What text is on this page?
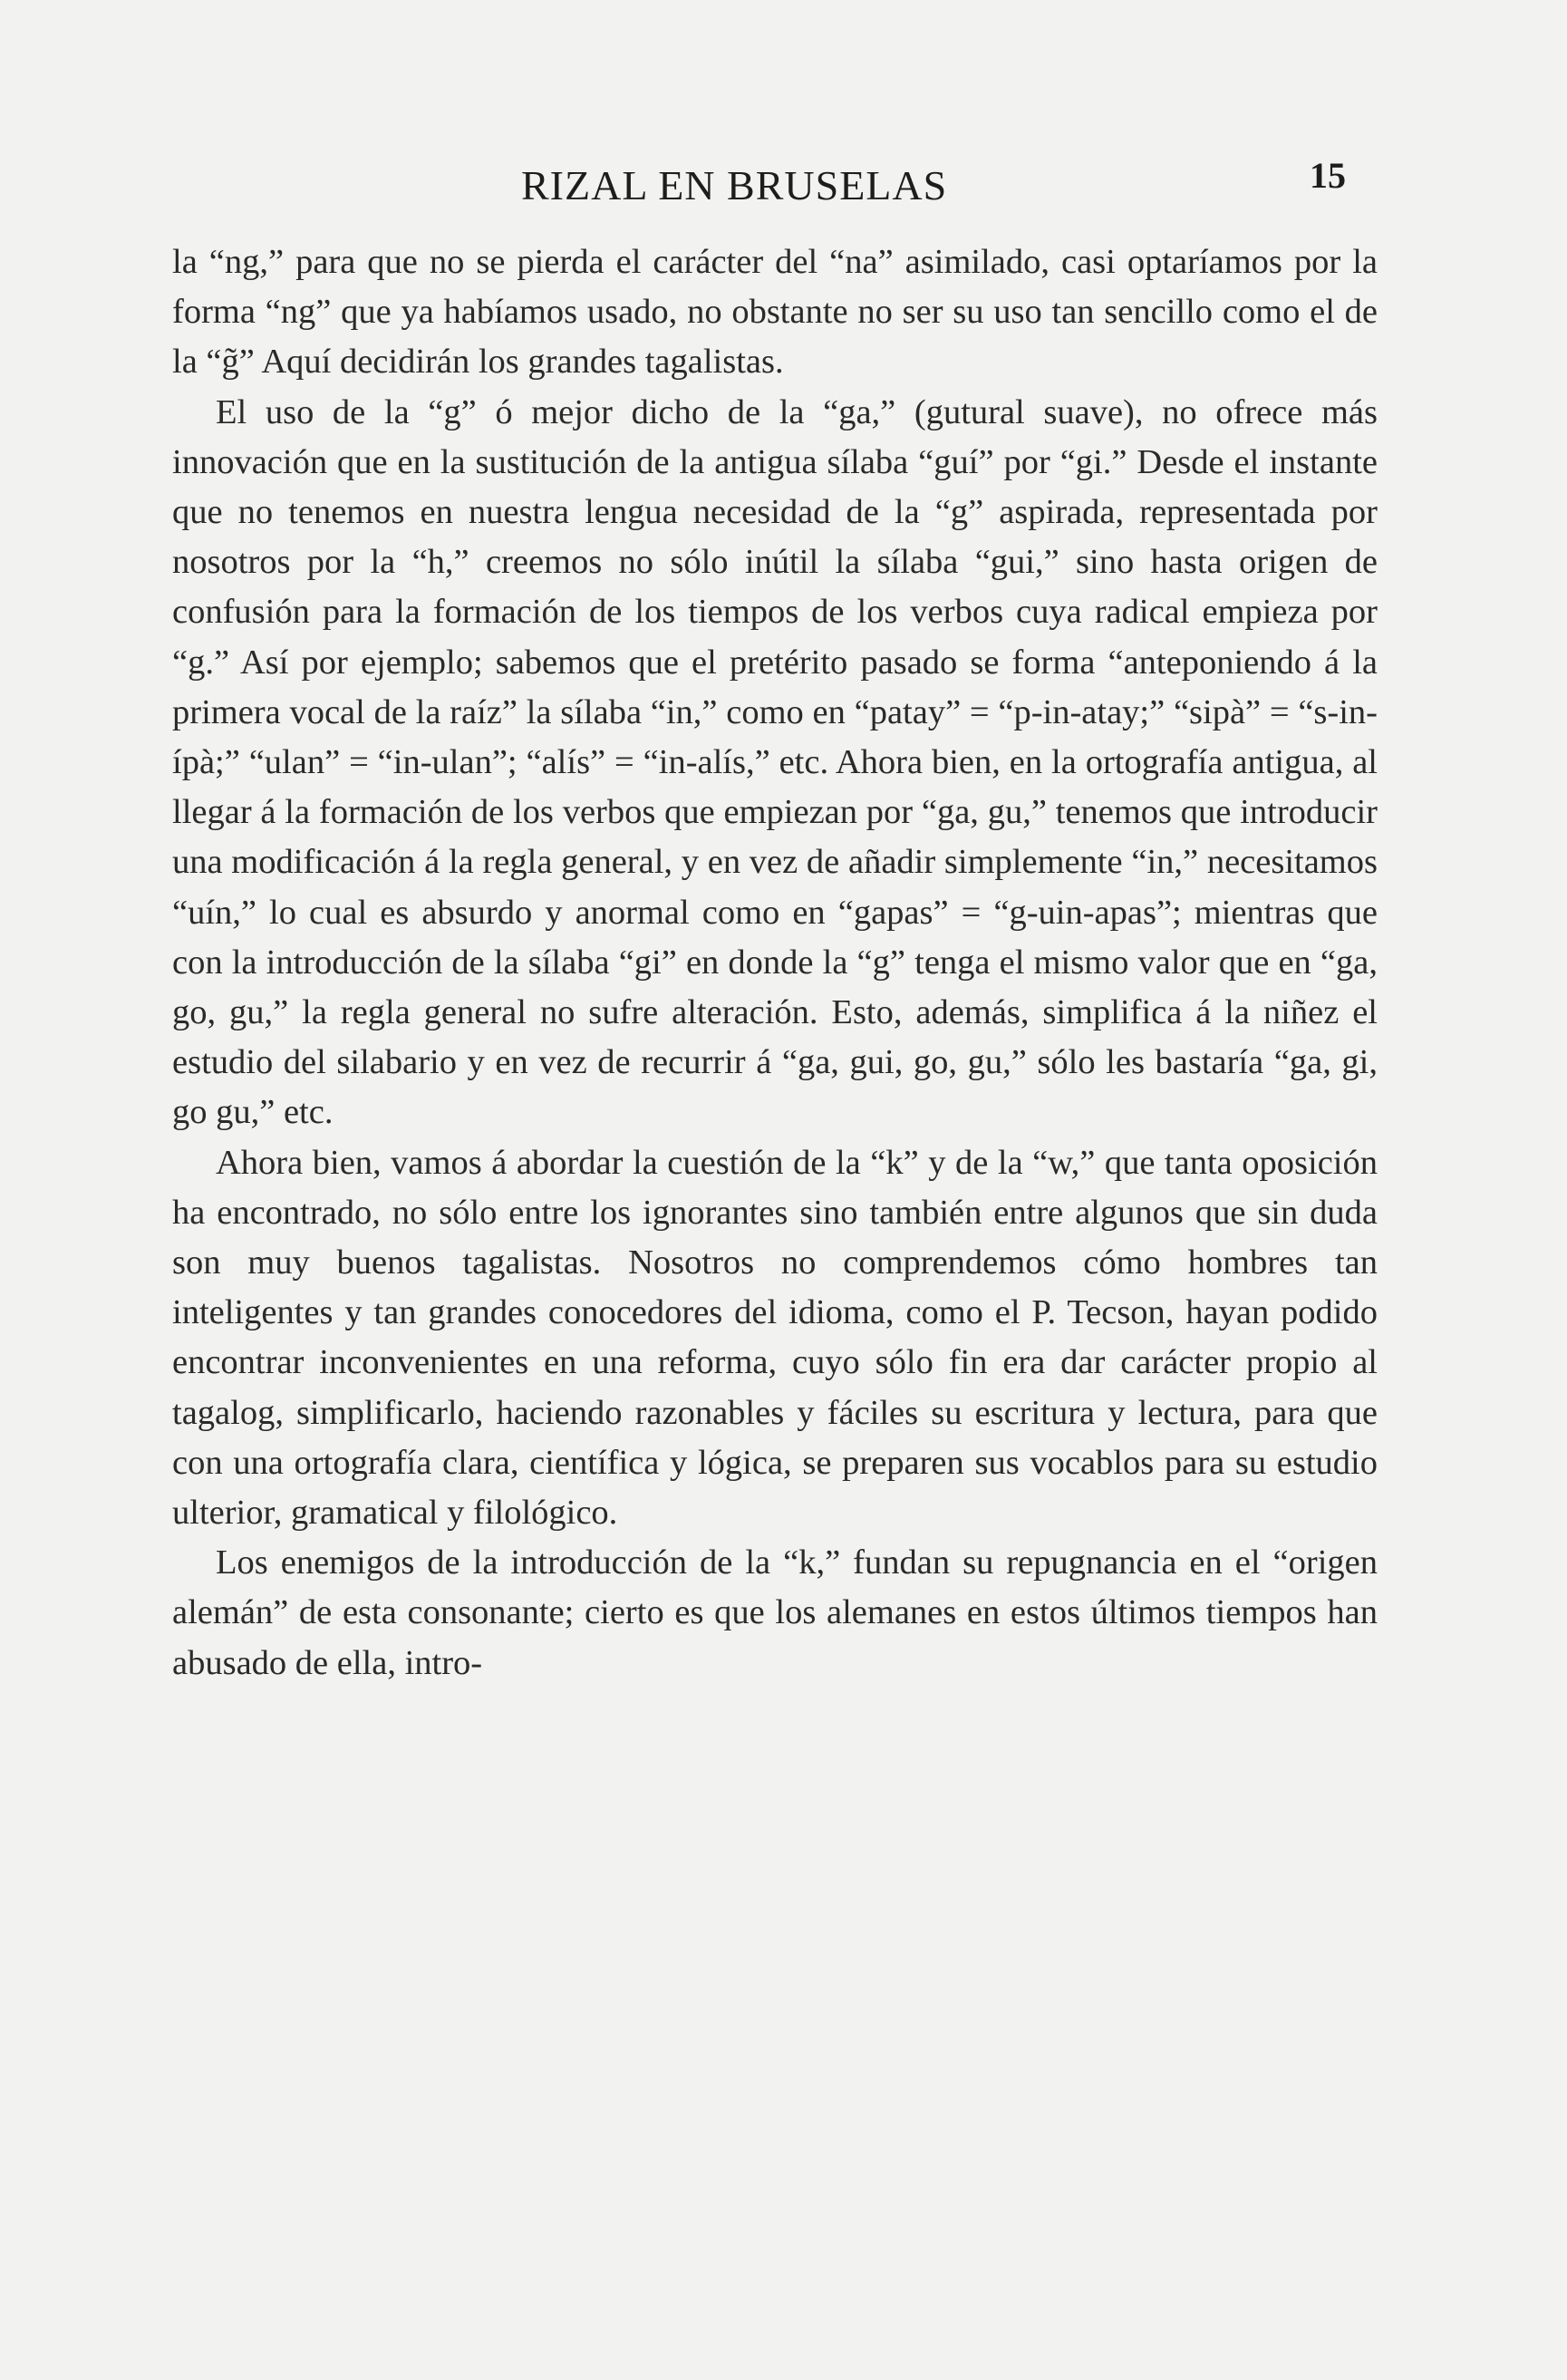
RIZAL EN BRUSELAS	15

la “ng,” para que no se pierda el carácter del “na” asimilado, casi optaríamos por la forma “ng” que ya habíamos usado, no obstante no ser su uso tan sencillo como el de la “g̃” Aquí decidirán los grandes tagalistas.

El uso de la “g” ó mejor dicho de la “ga,” (gutural suave), no ofrece más innovación que en la sustitución de la antigua sílaba “guí” por “gi.” Desde el instante que no tenemos en nuestra lengua necesidad de la “g” aspirada, representada por nosotros por la “h,” creemos no sólo inútil la sílaba “gui,” sino hasta origen de confusión para la formación de los tiempos de los verbos cuya radical empieza por “g.” Así por ejemplo; sabemos que el pretérito pasado se forma “anteponiendo á la primera vocal de la raíz” la sílaba “in,” como en “patay” = “p-in-atay;” “sipà” = “s-in-ípà;” “ulan” = “in-ulan”; “alís” = “in-alís,” etc. Ahora bien, en la ortografía antigua, al llegar á la formación de los verbos que empiezan por “ga, gu,” tenemos que introducir una modificación á la regla general, y en vez de añadir simplemente “in,” necesitamos “uín,” lo cual es absurdo y anormal como en “gapas” = “g-uin-apas”; mientras que con la introducción de la sílaba “gi” en donde la “g” tenga el mismo valor que en “ga, go, gu,” la regla general no sufre alteración. Esto, además, simplifica á la niñez el estudio del silabario y en vez de recurrir á “ga, gui, go, gu,” sólo les bastaría “ga, gi, go gu,” etc.

Ahora bien, vamos á abordar la cuestión de la “k” y de la “w,” que tanta oposición ha encontrado, no sólo entre los ignorantes sino también entre algunos que sin duda son muy buenos tagalistas. Nosotros no comprendemos cómo hombres tan inteligentes y tan grandes conocedores del idioma, como el P. Tecson, hayan podido encontrar inconvenientes en una reforma, cuyo sólo fin era dar carácter propio al tagalog, simplificarlo, haciendo razonables y fáciles su escritura y lectura, para que con una ortografía clara, científica y lógica, se preparen sus vocablos para su estudio ulterior, gramatical y filológico.

Los enemigos de la introducción de la “k,” fundan su repugnancia en el “origen alemán” de esta consonante; cierto es que los alemanes en estos últimos tiempos han abusado de ella, intro-
